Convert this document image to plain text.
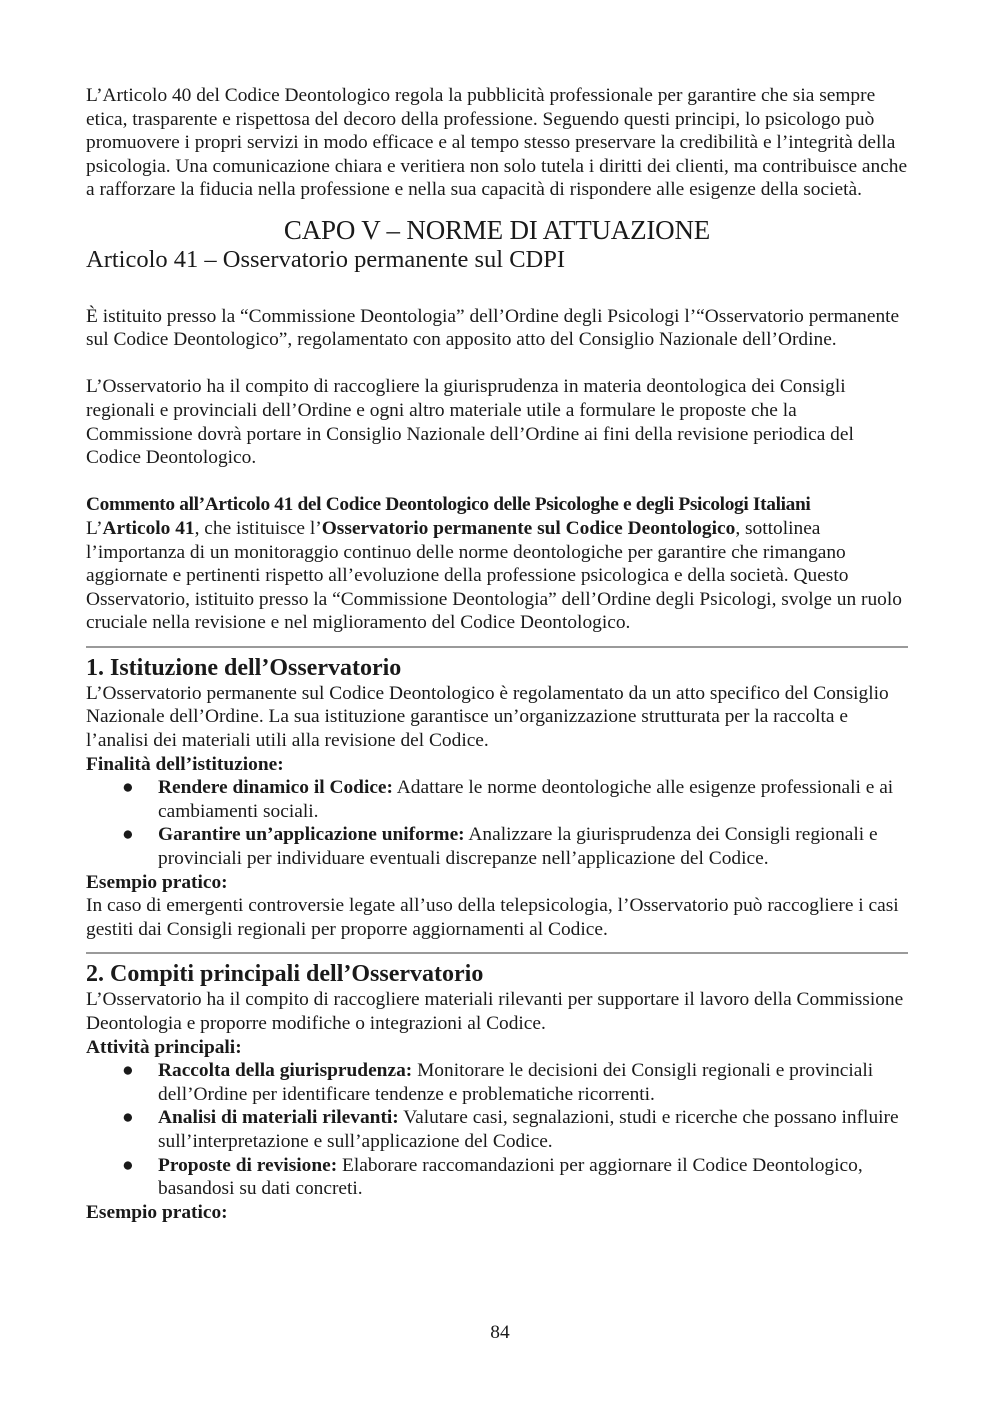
L’Articolo 40 del Codice Deontologico regola la pubblicità professionale per garantire che sia sempre etica, trasparente e rispettosa del decoro della professione. Seguendo questi principi, lo psicologo può promuovere i propri servizi in modo efficace e al tempo stesso preservare la credibilità e l’integrità della psicologia. Una comunicazione chiara e veritiera non solo tutela i diritti dei clienti, ma contribuisce anche a rafforzare la fiducia nella professione e nella sua capacità di rispondere alle esigenze della società.

CAPO V – NORME DI ATTUAZIONE
Articolo 41 – Osservatorio permanente sul CDPI

È istituito presso la “Commissione Deontologia” dell’Ordine degli Psicologi l’“Osservatorio permanente sul Codice Deontologico”, regolamentato con apposito atto del Consiglio Nazionale dell’Ordine.

L’Osservatorio ha il compito di raccogliere la giurisprudenza in materia deontologica dei Consigli regionali e provinciali dell’Ordine e ogni altro materiale utile a formulare le proposte che la Commissione dovrà portare in Consiglio Nazionale dell’Ordine ai fini della revisione periodica del Codice Deontologico.

Commento all’Articolo 41 del Codice Deontologico delle Psicologhe e degli Psicologi Italiani

L’Articolo 41, che istituisce l’Osservatorio permanente sul Codice Deontologico, sottolinea l’importanza di un monitoraggio continuo delle norme deontologiche per garantire che rimangano aggiornate e pertinenti rispetto all’evoluzione della professione psicologica e della società. Questo Osservatorio, istituito presso la “Commissione Deontologia” dell’Ordine degli Psicologi, svolge un ruolo cruciale nella revisione e nel miglioramento del Codice Deontologico.

1. Istituzione dell’Osservatorio

L’Osservatorio permanente sul Codice Deontologico è regolamentato da un atto specifico del Consiglio Nazionale dell’Ordine. La sua istituzione garantisce un’organizzazione strutturata per la raccolta e l’analisi dei materiali utili alla revisione del Codice.

Finalità dell’istituzione:
● Rendere dinamico il Codice: Adattare le norme deontologiche alle esigenze professionali e ai cambiamenti sociali.
● Garantire un’applicazione uniforme: Analizzare la giurisprudenza dei Consigli regionali e provinciali per individuare eventuali discrepanze nell’applicazione del Codice.
Esempio pratico:

In caso di emergenti controversie legate all’uso della telepsicologia, l’Osservatorio può raccogliere i casi gestiti dai Consigli regionali per proporre aggiornamenti al Codice.

2. Compiti principali dell’Osservatorio

L’Osservatorio ha il compito di raccogliere materiali rilevanti per supportare il lavoro della Commissione Deontologia e proporre modifiche o integrazioni al Codice.

Attività principali:
● Raccolta della giurisprudenza: Monitorare le decisioni dei Consigli regionali e provinciali dell’Ordine per identificare tendenze e problematiche ricorrenti.
● Analisi di materiali rilevanti: Valutare casi, segnalazioni, studi e ricerche che possano influire sull’interpretazione e sull’applicazione del Codice.
● Proposte di revisione: Elaborare raccomandazioni per aggiornare il Codice Deontologico, basandosi su dati concreti.
Esempio pratico:
84
